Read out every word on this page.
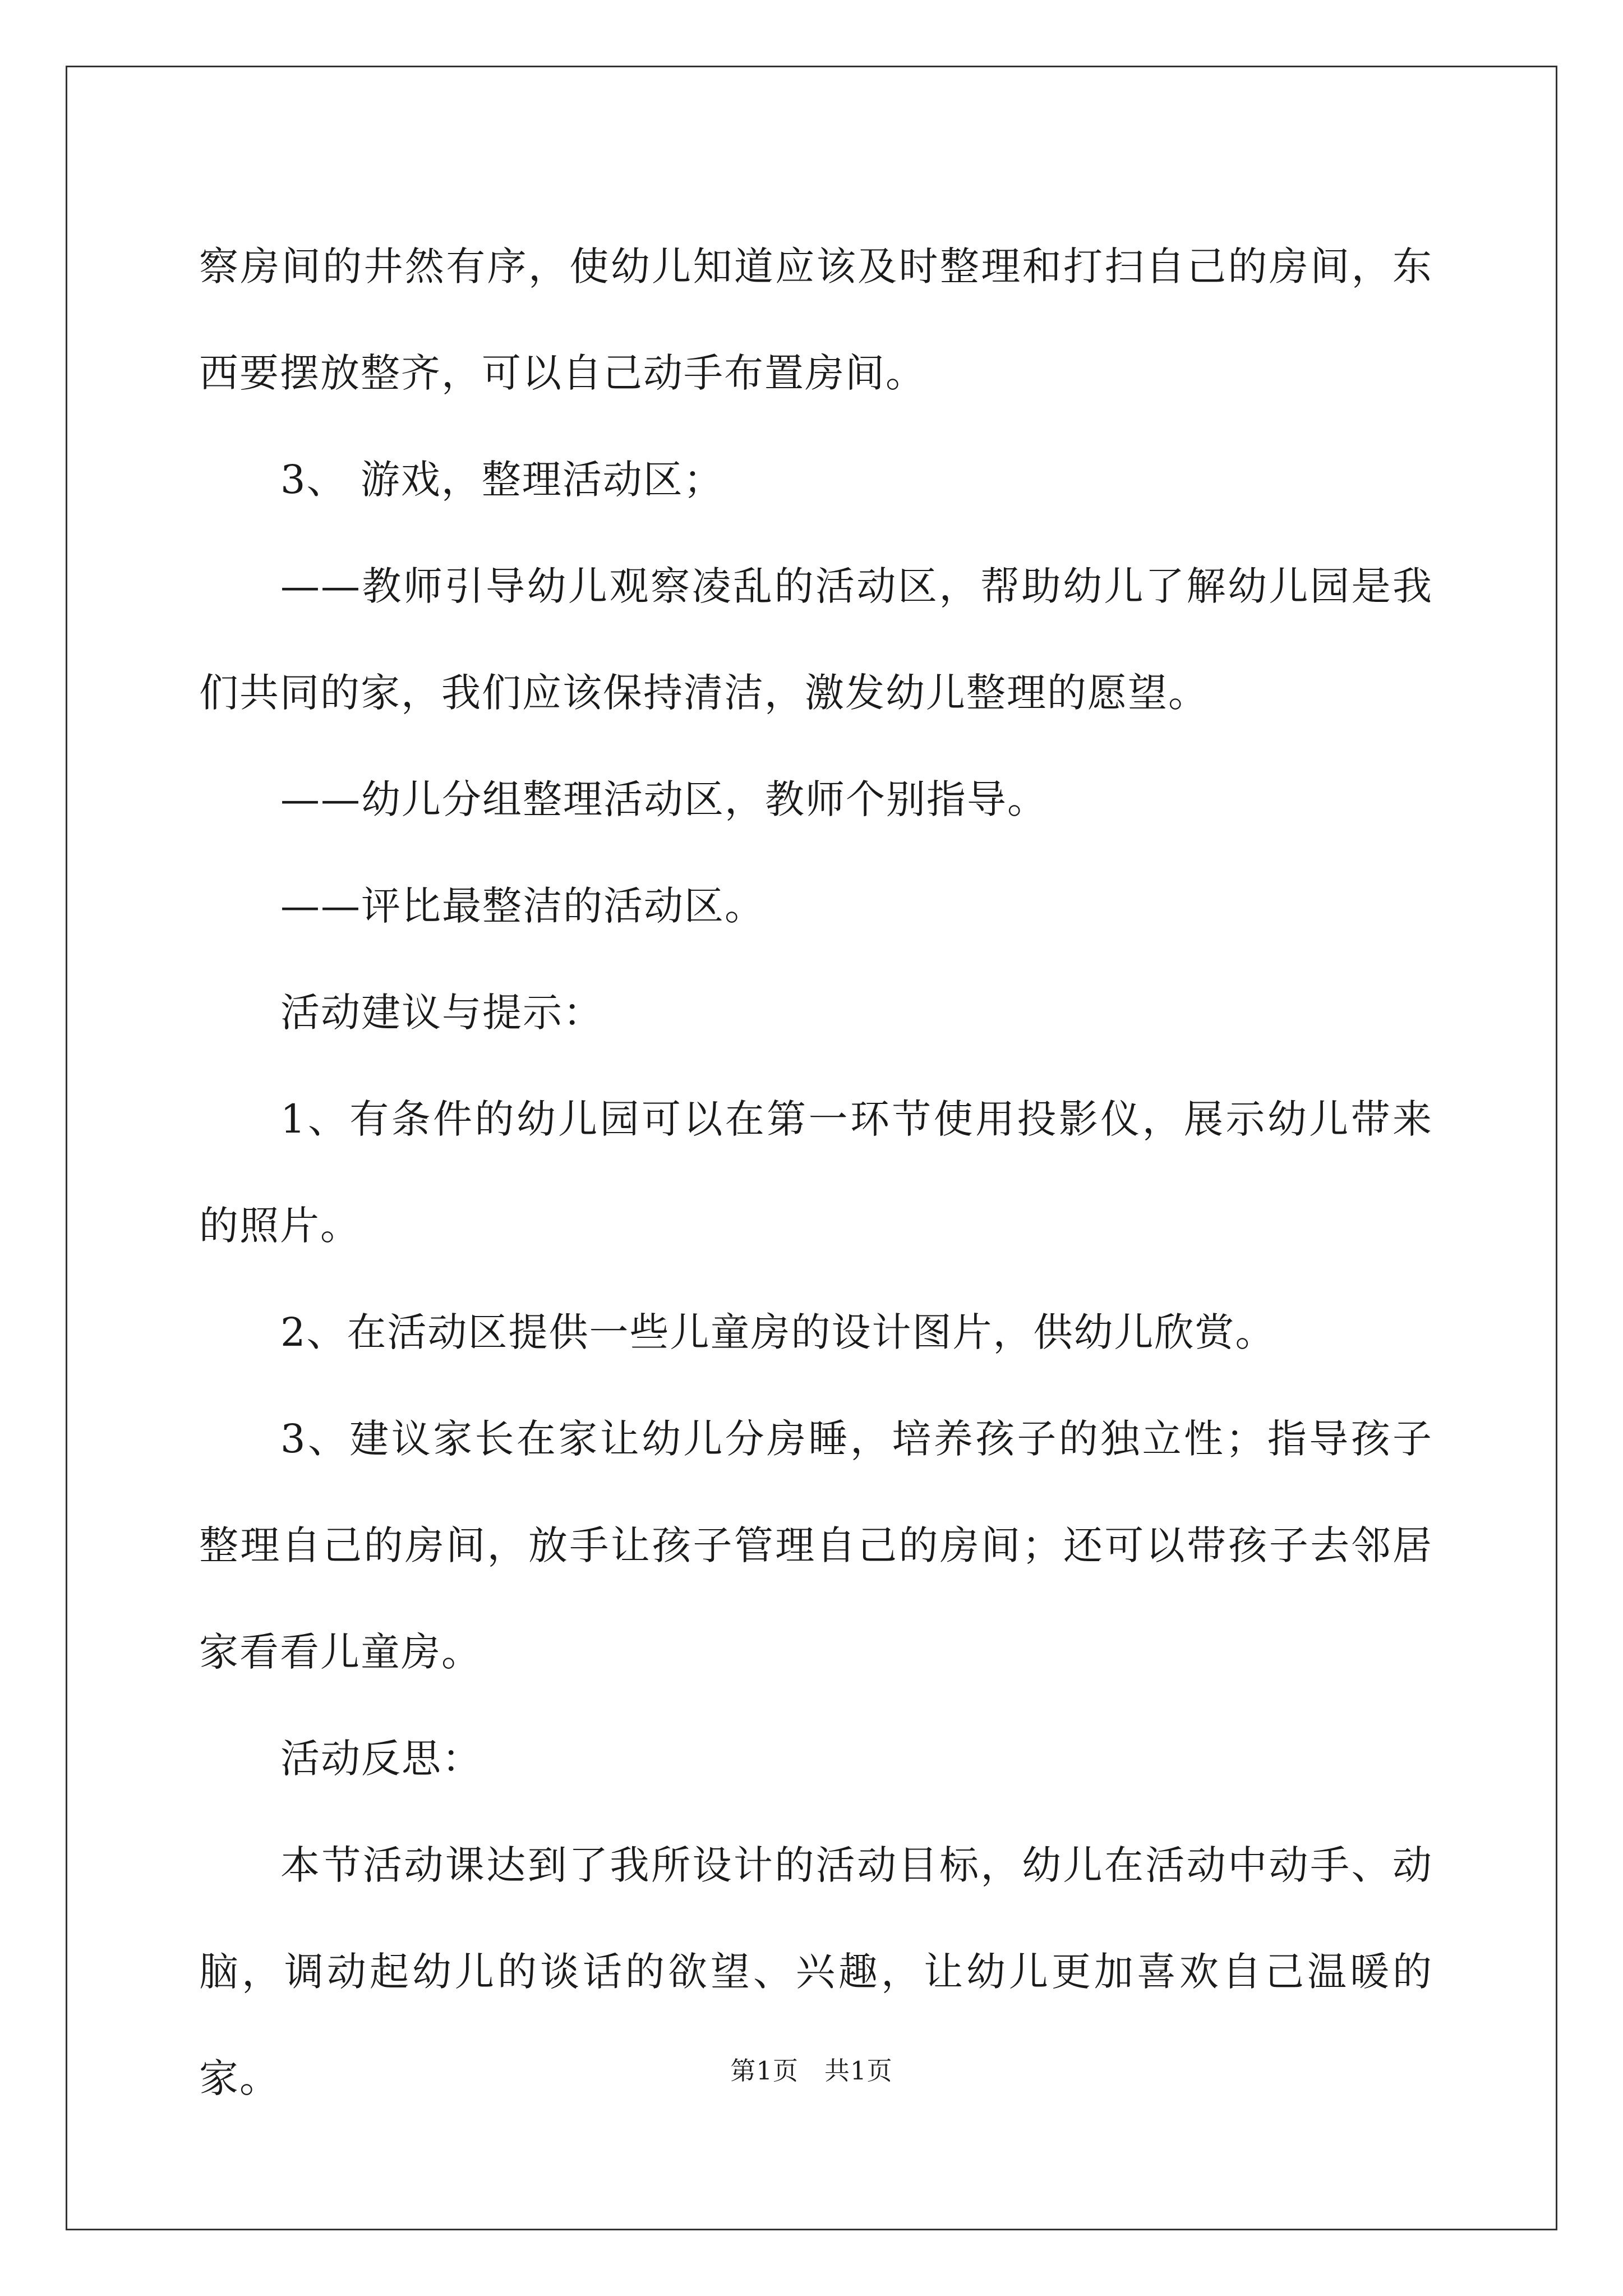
察房间的井然有序，使幼儿知道应该及时整理和打扫自己的房间，东西要摆放整齐，可以自己动手布置房间。

3、 游戏，整理活动区；

——教师引导幼儿观察凌乱的活动区，帮助幼儿了解幼儿园是我们共同的家，我们应该保持清洁，激发幼儿整理的愿望。

——幼儿分组整理活动区，教师个别指导。

——评比最整洁的活动区。

活动建议与提示：

1、有条件的幼儿园可以在第一环节使用投影仪，展示幼儿带来的照片。

2、在活动区提供一些儿童房的设计图片，供幼儿欣赏。

3、建议家长在家让幼儿分房睡，培养孩子的独立性；指导孩子整理自己的房间，放手让孩子管理自己的房间；还可以带孩子去邻居家看看儿童房。

活动反思：

本节活动课达到了我所设计的活动目标，幼儿在活动中动手、动脑，调动起幼儿的谈话的欲望、兴趣，让幼儿更加喜欢自己温暖的家。	第1页　共1页
